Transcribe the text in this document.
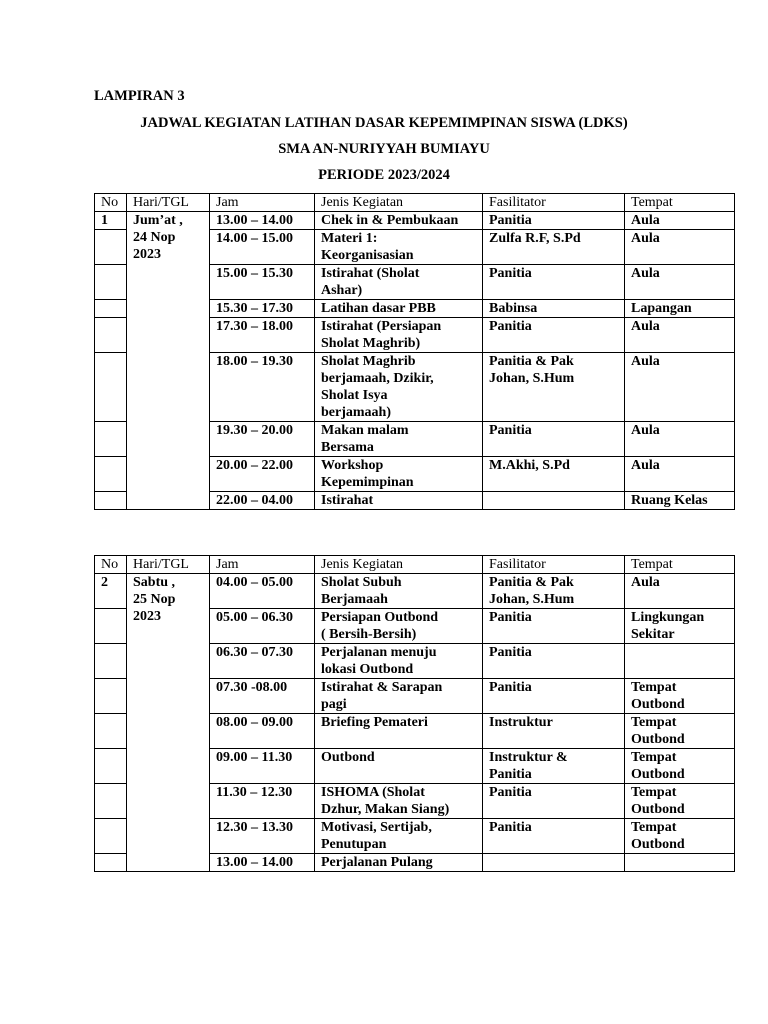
LAMPIRAN 3
JADWAL KEGIATAN LATIHAN DASAR KEPEMIMPINAN SISWA (LDKS)
SMA AN-NURIYYAH BUMIAYU
PERIODE 2023/2024
No	Hari/TGL	Jam	Jenis Kegiatan	Fasilitator	Tempat
1	Jum’at ,
24 Nop
2023	13.00 – 14.00	Chek in & Pembukaan	Panitia	Aula
		14.00 – 15.00	Materi 1:
Keorganisasian	Zulfa R.F, S.Pd	Aula
		15.00 – 15.30	Istirahat (Sholat
Ashar)	Panitia	Aula
		15.30 – 17.30	Latihan dasar PBB	Babinsa	Lapangan
		17.30 – 18.00	Istirahat (Persiapan
Sholat Maghrib)	Panitia	Aula
		18.00 – 19.30	Sholat Maghrib
berjamaah, Dzikir,
Sholat Isya
berjamaah)	Panitia & Pak
Johan, S.Hum	Aula
		19.30 – 20.00	Makan malam
Bersama	Panitia	Aula
		20.00 – 22.00	Workshop
Kepemimpinan	M.Akhi, S.Pd	Aula
		22.00 – 04.00	Istirahat		Ruang Kelas
No	Hari/TGL	Jam	Jenis Kegiatan	Fasilitator	Tempat
2	Sabtu ,
25 Nop
2023	04.00 – 05.00	Sholat Subuh
Berjamaah	Panitia & Pak
Johan, S.Hum	Aula
		05.00 – 06.30	Persiapan Outbond
( Bersih-Bersih)	Panitia	Lingkungan
Sekitar
		06.30 – 07.30	Perjalanan menuju
lokasi Outbond	Panitia	
		07.30 -08.00	Istirahat & Sarapan
pagi	Panitia	Tempat
Outbond
		08.00 – 09.00	Briefing Pemateri	Instruktur	Tempat
Outbond
		09.00 – 11.30	Outbond	Instruktur &
Panitia	Tempat
Outbond
		11.30 – 12.30	ISHOMA (Sholat
Dzhur, Makan Siang)	Panitia	Tempat
Outbond
		12.30 – 13.30	Motivasi, Sertijab,
Penutupan	Panitia	Tempat
Outbond
		13.00 – 14.00	Perjalanan Pulang		
